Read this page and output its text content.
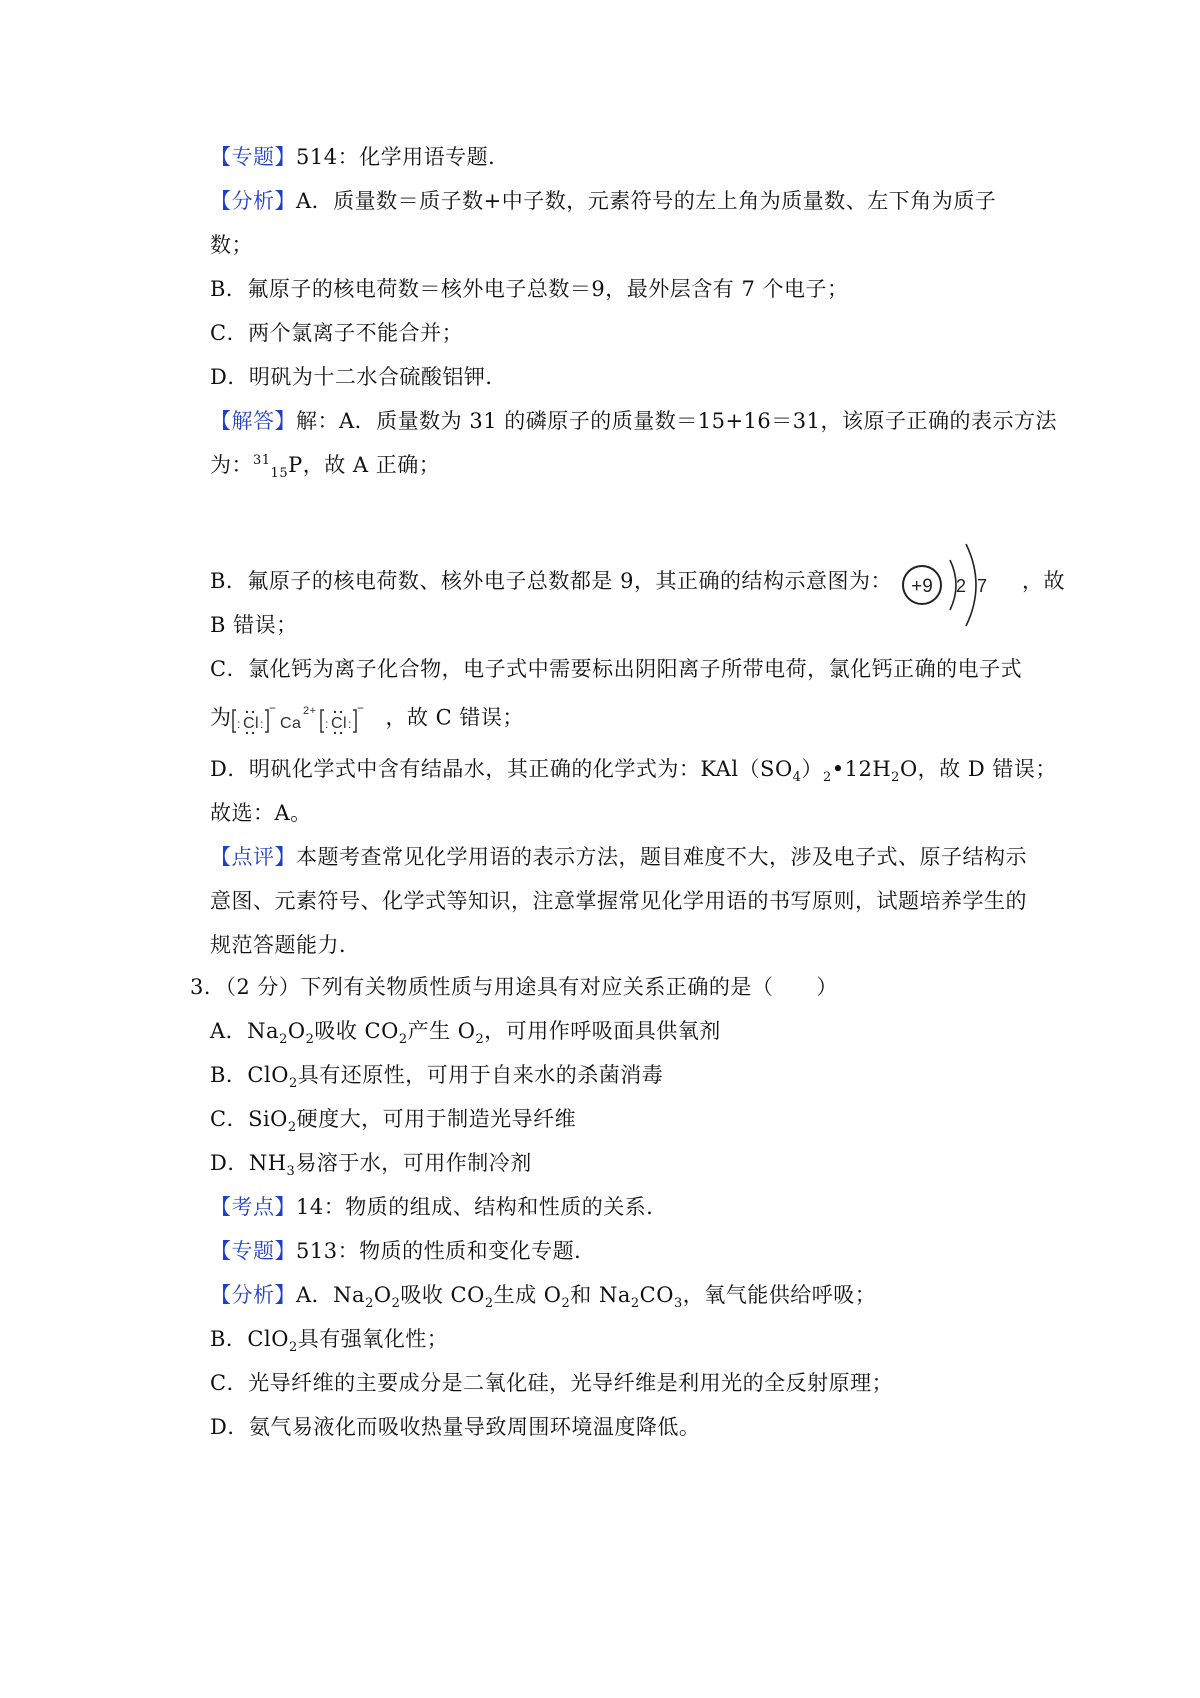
【专题】514：化学用语专题．
【分析】A．质量数＝质子数+中子数，元素符号的左上角为质量数、左下角为质子
数；
B．氟原子的核电荷数＝核外电子总数＝9，最外层含有 7 个电子；
C．两个氯离子不能合并；
D．明矾为十二水合硫酸铝钾．
【解答】解：A．质量数为 31 的磷原子的质量数＝15+16＝31，该原子正确的表示方法
为：$^{31}_{15}$P，故 A 正确；
+9 2 7
B．氟原子的核电荷数、核外电子总数都是 9，其正确的结构示意图为：	，故
B 错误；
C．氯化钙为离子化合物，电子式中需要标出阴阳离子所带电荷，氯化钙正确的电子式
为 : Cl :
−
Ca
2+
: Cl :
− ，故 C 错误；
D．明矾化学式中含有结晶水，其正确的化学式为：$KAl(SO_4)_2•12H_2O$，故 D 错误；
故选：A。
【点评】本题考查常见化学用语的表示方法，题目难度不大，涉及电子式、原子结构示
意图、元素符号、化学式等知识，注意掌握常见化学用语的书写原则，试题培养学生的
规范答题能力．
3．（2 分）下列有关物质性质与用途具有对应关系正确的是（　　）
A．$Na_2O_2$吸收 $CO_2$产生 $O_2$，可用作呼吸面具供氧剂
B．ClO$_2$具有还原性，可用于自来水的杀菌消毒
C．SiO$_2$硬度大，可用于制造光导纤维
D．$NH_3$易溶于水，可用作制冷剂
【考点】14：物质的组成、结构和性质的关系．
【专题】513：物质的性质和变化专题．
【分析】A．$Na_2O_2$吸收 $CO_2$生成 $O_2$和 $Na_2CO_3$，氧气能供给呼吸；
B．ClO$_2$具有强氧化性；
C．光导纤维的主要成分是二氧化硅，光导纤维是利用光的全反射原理；
D．氨气易液化而吸收热量导致周围环境温度降低。
